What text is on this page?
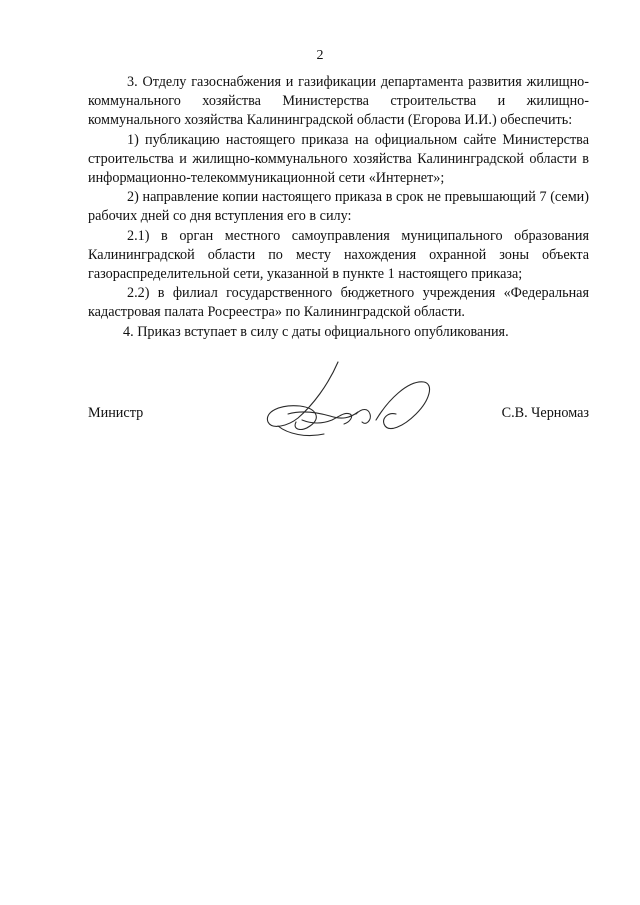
2

3. Отделу газоснабжения и газификации департамента развития жилищно-коммунального хозяйства Министерства строительства и жилищно-коммунального хозяйства Калининградской области (Егорова И.И.) обеспечить:

1) публикацию настоящего приказа на официальном сайте Министерства строительства и жилищно-коммунального хозяйства Калининградской области в информационно-телекоммуникационной сети «Интернет»;

2) направление копии настоящего приказа в срок не превышающий 7 (семи) рабочих дней со дня вступления его в силу:

2.1) в орган местного самоуправления муниципального образования Калининградской области по месту нахождения охранной зоны объекта газораспределительной сети, указанной в пункте 1 настоящего приказа;

2.2) в филиал государственного бюджетного учреждения «Федеральная кадастровая палата Росреестра» по Калининградской области.

4. Приказ вступает в силу с даты официального опубликования.

Министр	С.В. Черномаз
